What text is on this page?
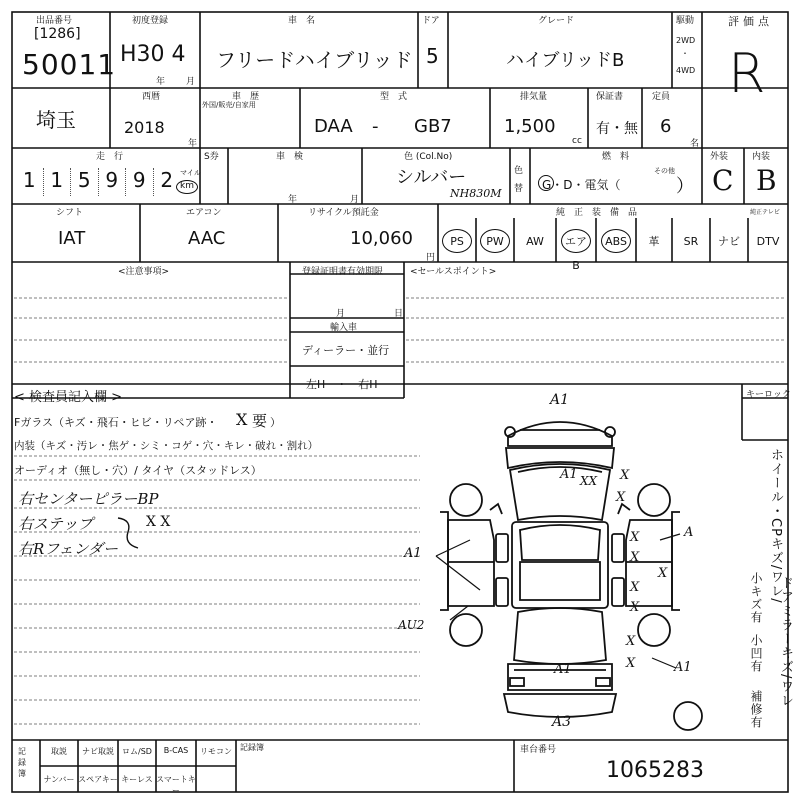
出品番号
[1286]
50011
初度登録
H30 4
年 月
車　名
フリードハイブリッド
ドア
5
グレード
ハイブリッドB
駆動
2WD
・
4WD
評価点
R
埼玉
西暦
2018
年
車　歴
外国/販売/自家用
型　式
DAA - GB7
排気量
1,500
cc
保証書
有・無
定員
6
名
走　行
1 1 5 9 9 2 マイル
km
S券	車　検
年	月
色 (Col.No)
シルバー
NH830M
色替
燃　料
G・D・電気（
その他
）
外装
C
内装
B
シフト
IAT
エアコン
AAC
リサイクル預託金
10,060
円
純　正　装　備　品	純正テレビ
PS	PW	AW	エアB
ABS	革	SR	ナビ	DTV
<注意事項>	登録証明書有効期限
月	日
輸入車
ディーラー・並行
左H　・　右H
<セールスポイント>
< 検査員記入欄 >
Fガラス（キズ・飛石・ヒビ・リペア跡・ X 要 ）
内装（キズ・汚レ・焦ゲ・シミ・コゲ・穴・キレ・破れ・割れ）
オーディオ（無し・穴）/ タイヤ（スタッドレス）
右センターピラーBP
右ステップ
右Rフェンダー
X X
キーロック
A1
A1 XX
A
A1
AU2
A1
A1
A3
X
X
X
X
X
X
X
X
X
ホイール・CPキズ/ワレ/
ドアミラーキズ/ワレ
小キズ有
小凹有
補修有
記録簿
取説	ナビ取説	ロム/SD	B-CAS	リモコン
ナンバー スペアキー キーレス スマートキー
記録簿	車台番号
1065283
